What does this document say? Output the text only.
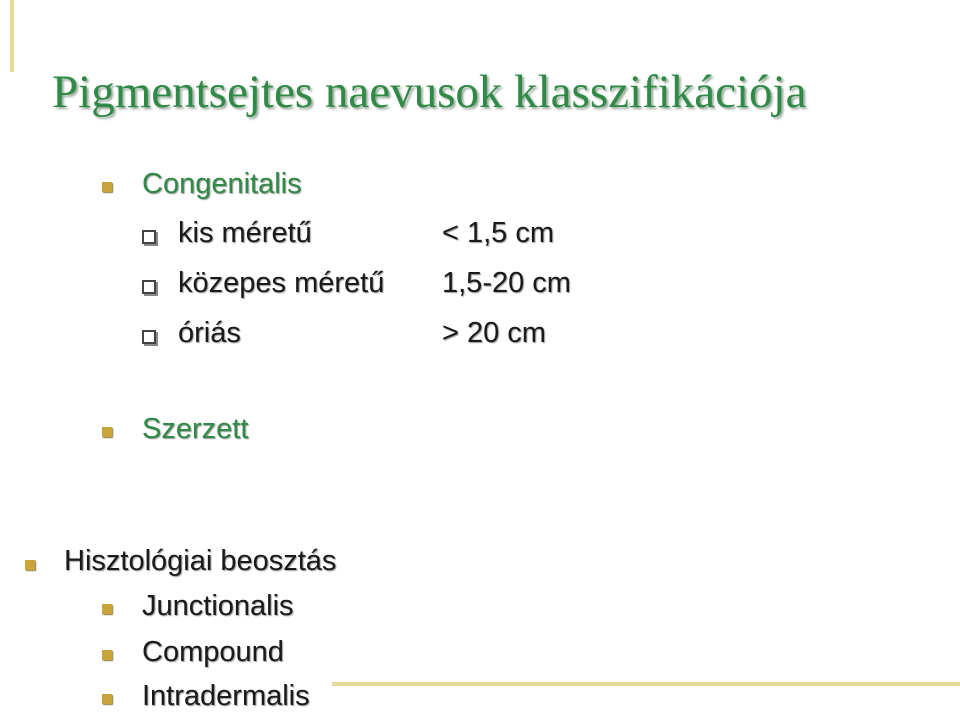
Pigmentsejtes naevusok klasszifikációja
Congenitalis
kis méretű	< 1,5 cm
közepes méretű 1,5-20 cm
óriás	> 20 cm
Szerzett
Hisztológiai beosztás
Junctionalis
Compound
Intradermalis
